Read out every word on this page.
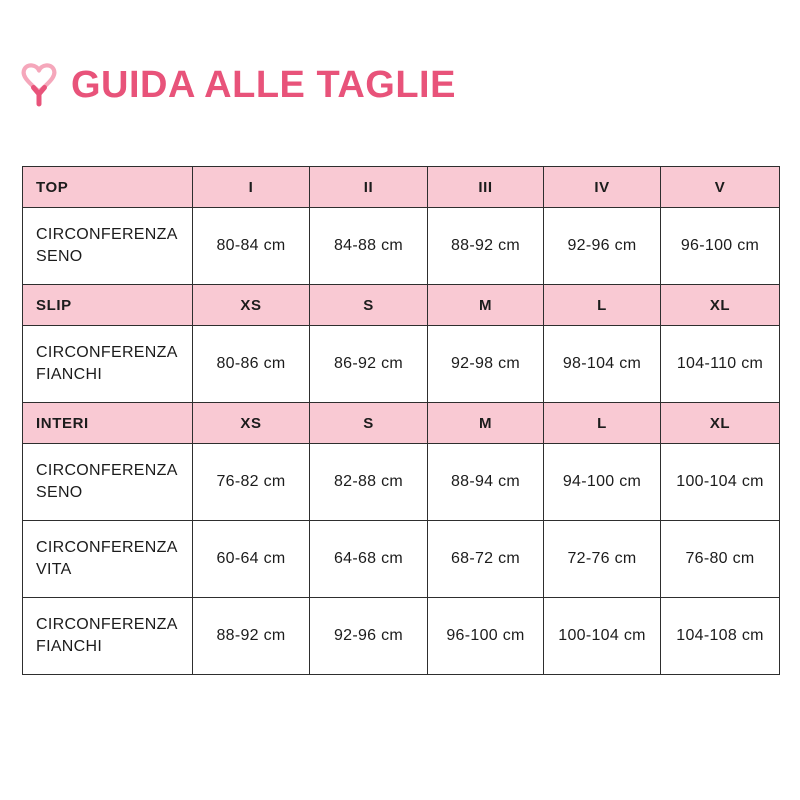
GUIDA ALLE TAGLIE
TOP	I	II	III	IV	V
CIRCONFERENZA SENO	80-84 cm	84-88 cm	88-92 cm	92-96 cm	96-100 cm
SLIP	XS	S	M	L	XL
CIRCONFERENZA FIANCHI	80-86 cm	86-92 cm	92-98 cm	98-104 cm	104-110 cm
INTERI	XS	S	M	L	XL
CIRCONFERENZA SENO	76-82 cm	82-88 cm	88-94 cm	94-100 cm	100-104 cm
CIRCONFERENZA VITA	60-64 cm	64-68 cm	68-72 cm	72-76 cm	76-80 cm
CIRCONFERENZA FIANCHI	88-92 cm	92-96 cm	96-100 cm	100-104 cm	104-108 cm
